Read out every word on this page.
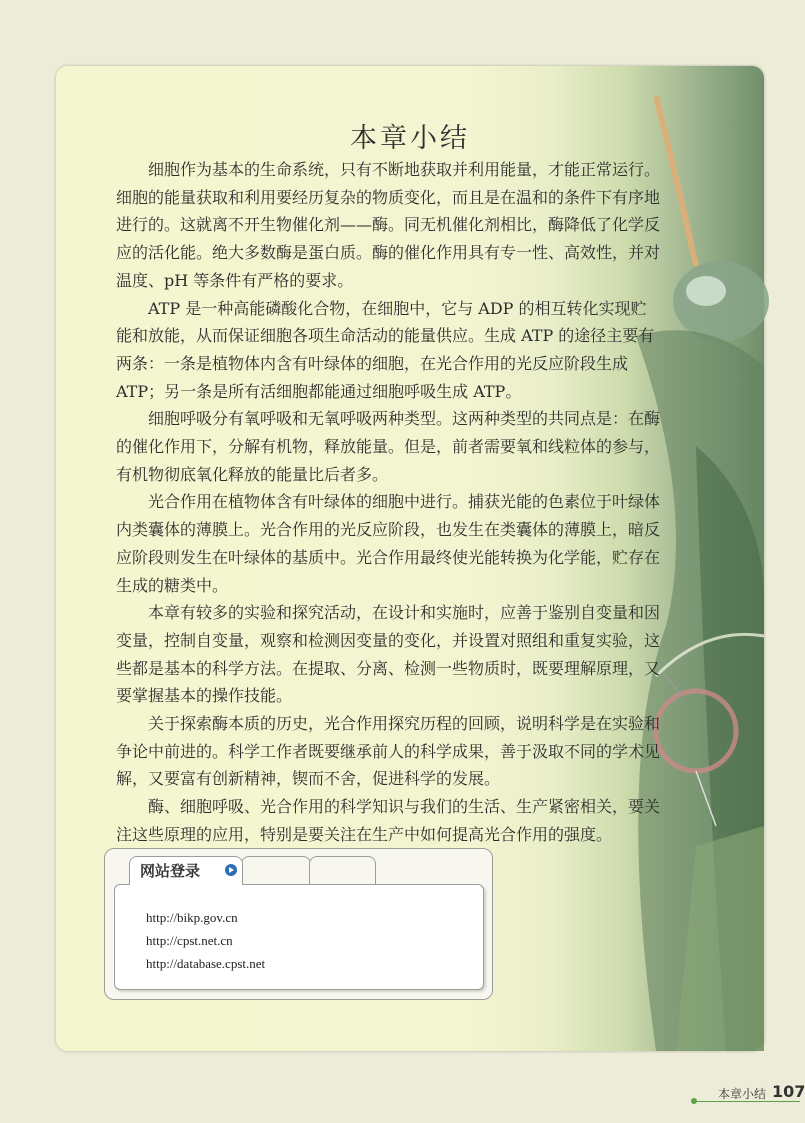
本章小结

细胞作为基本的生命系统，只有不断地获取并利用能量，才能正常运行。细胞的能量获取和利用要经历复杂的物质变化，而且是在温和的条件下有序地进行的。这就离不开生物催化剂——酶。同无机催化剂相比，酶降低了化学反应的活化能。绝大多数酶是蛋白质。酶的催化作用具有专一性、高效性，并对温度、pH 等条件有严格的要求。

ATP 是一种高能磷酸化合物，在细胞中，它与 ADP 的相互转化实现贮能和放能，从而保证细胞各项生命活动的能量供应。生成 ATP 的途径主要有两条：一条是植物体内含有叶绿体的细胞，在光合作用的光反应阶段生成 ATP；另一条是所有活细胞都能通过细胞呼吸生成 ATP。

细胞呼吸分有氧呼吸和无氧呼吸两种类型。这两种类型的共同点是：在酶的催化作用下，分解有机物，释放能量。但是，前者需要氧和线粒体的参与，有机物彻底氧化释放的能量比后者多。

光合作用在植物体含有叶绿体的细胞中进行。捕获光能的色素位于叶绿体内类囊体的薄膜上。光合作用的光反应阶段，也发生在类囊体的薄膜上，暗反应阶段则发生在叶绿体的基质中。光合作用最终使光能转换为化学能，贮存在生成的糖类中。

本章有较多的实验和探究活动，在设计和实施时，应善于鉴别自变量和因变量，控制自变量，观察和检测因变量的变化，并设置对照组和重复实验，这些都是基本的科学方法。在提取、分离、检测一些物质时，既要理解原理，又要掌握基本的操作技能。

关于探索酶本质的历史，光合作用探究历程的回顾，说明科学是在实验和争论中前进的。科学工作者既要继承前人的科学成果，善于汲取不同的学术见解，又要富有创新精神，锲而不舍，促进科学的发展。

酶、细胞呼吸、光合作用的科学知识与我们的生活、生产紧密相关，要关注这些原理的应用，特别是要关注在生产中如何提高光合作用的强度。

网站登录
http://bikp.gov.cn
http://cpst.net.cn
http://database.cpst.net
本章小结 107
